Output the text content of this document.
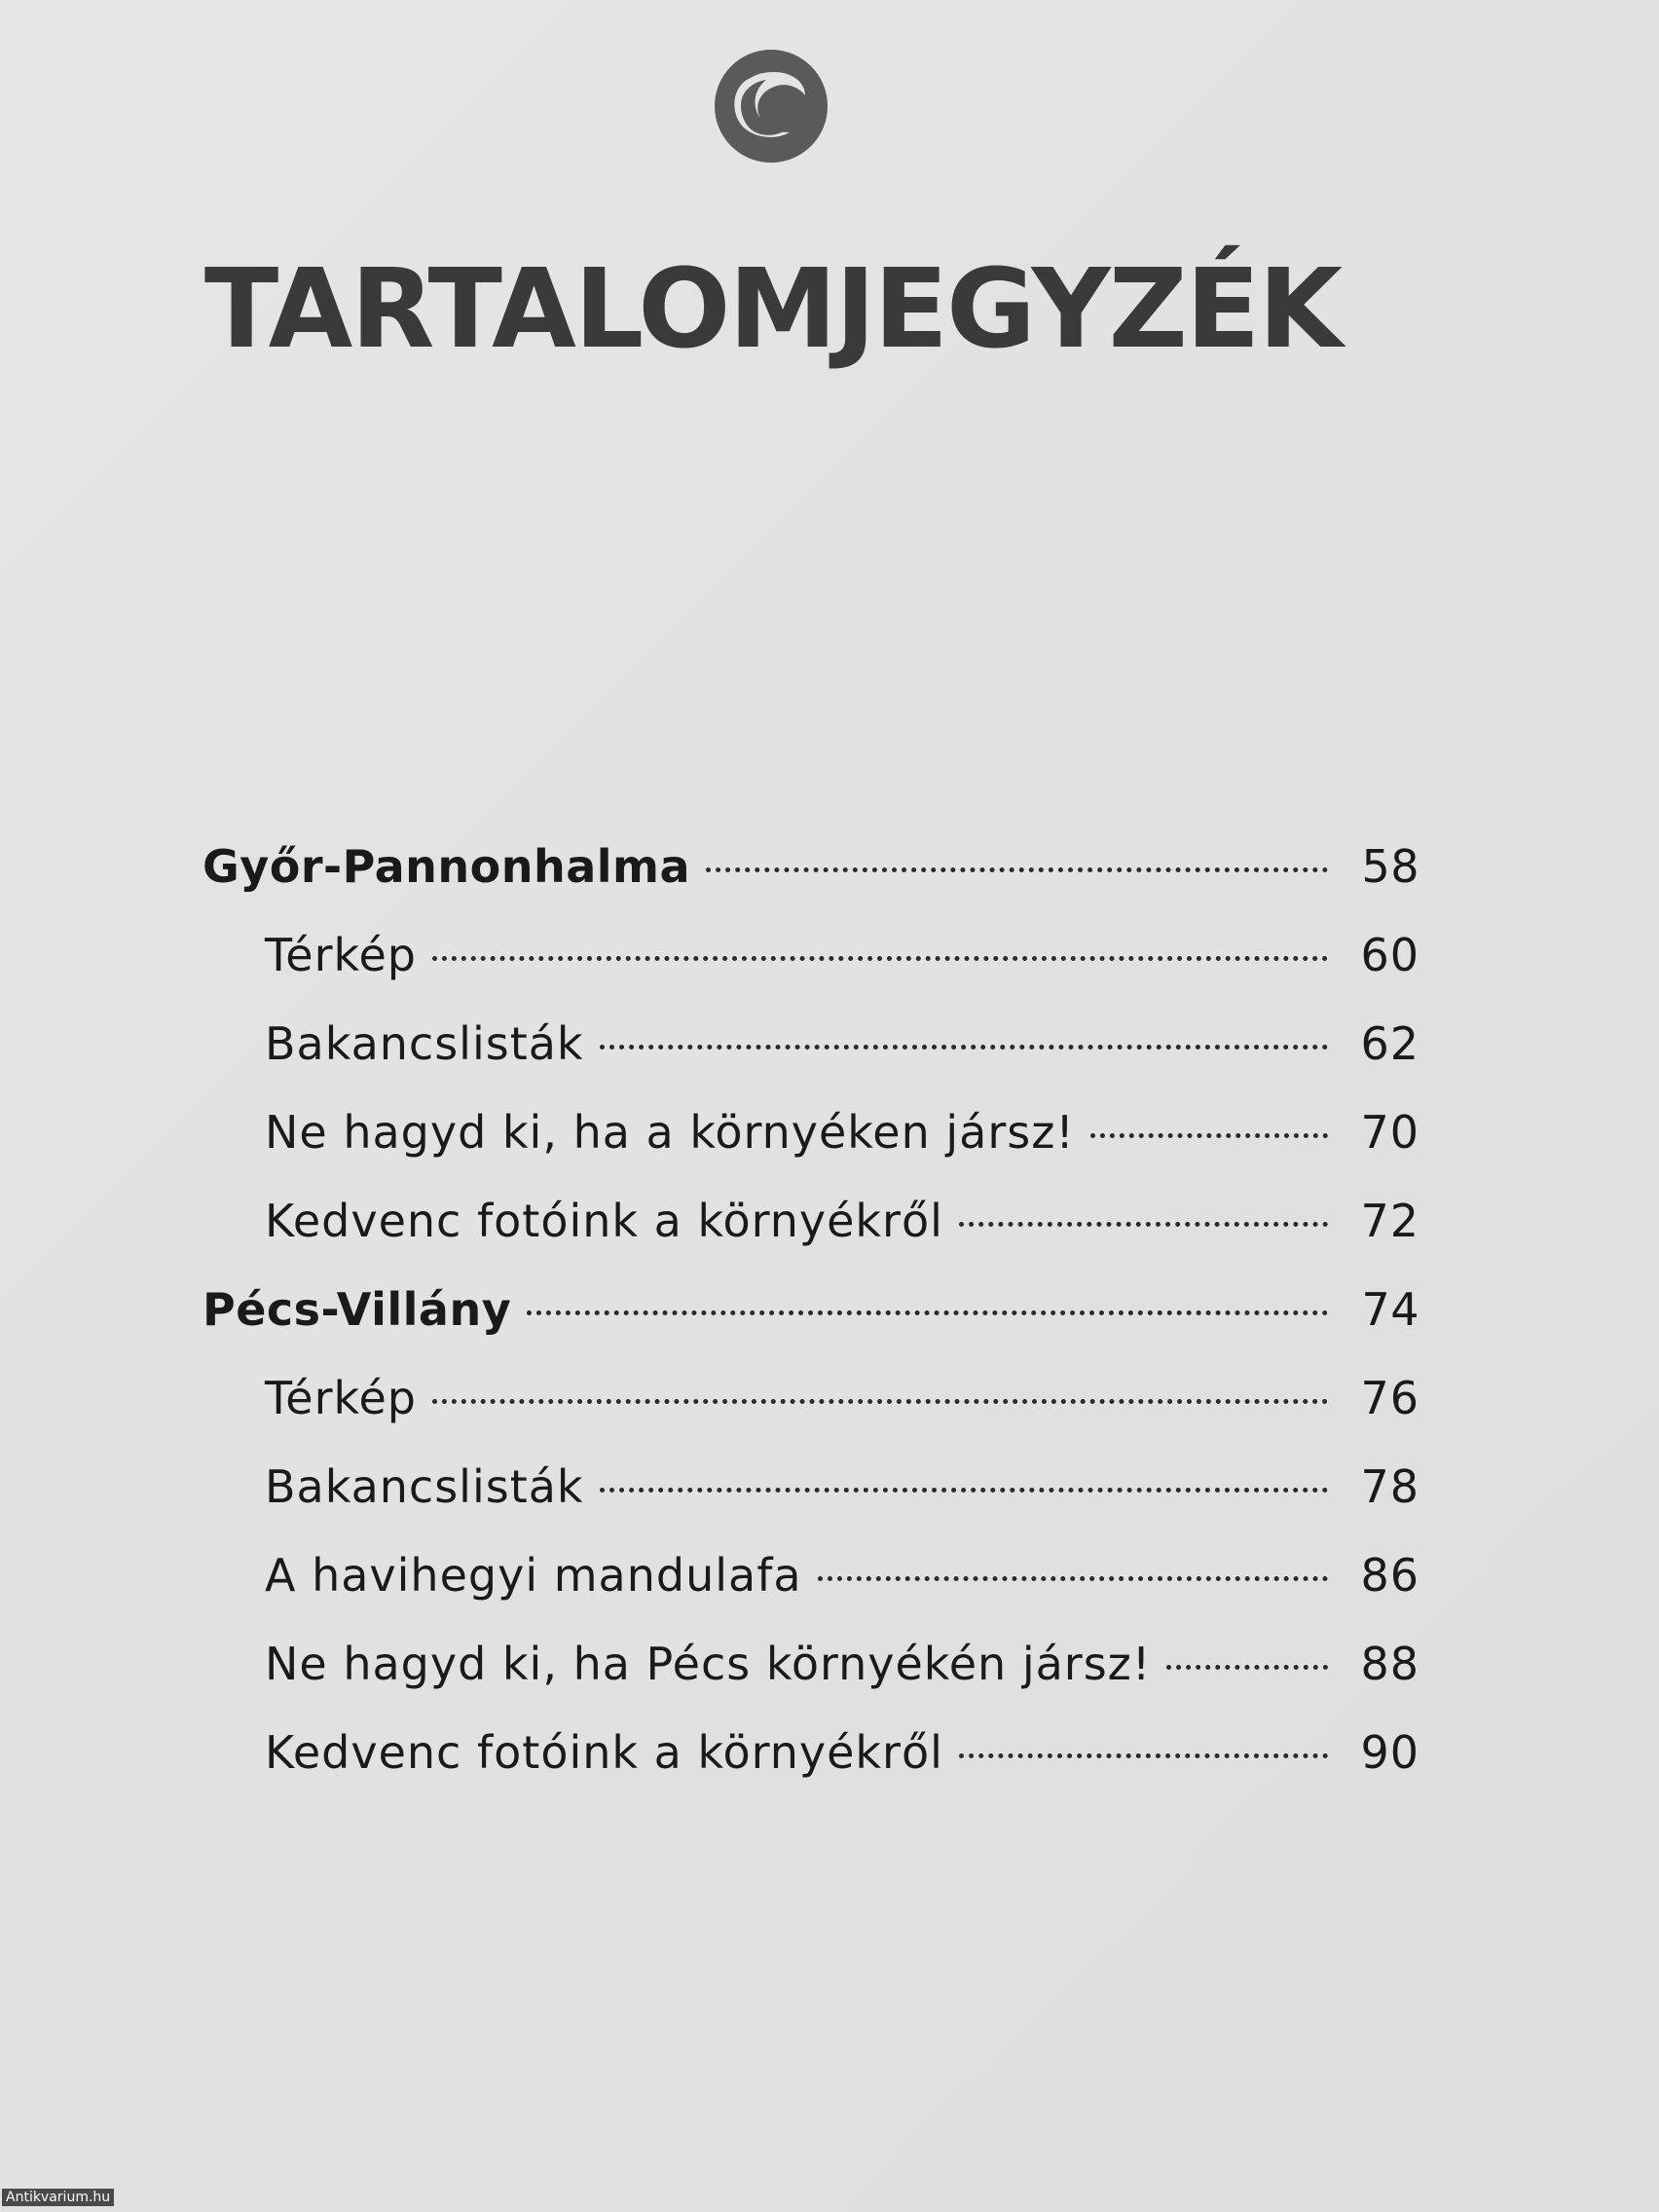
TARTALOMJEGYZÉK
Győr-Pannonhalma	58
Térkép	60
Bakancslisták	62
Ne hagyd ki, ha a környéken jársz!	70
Kedvenc fotóink a környékről	72
Pécs-Villány	74
Térkép	76
Bakancslisták	78
A havihegyi mandulafa	86
Ne hagyd ki, ha Pécs környékén jársz!	88
Kedvenc fotóink a környékről	90
Antikvarium.hu
